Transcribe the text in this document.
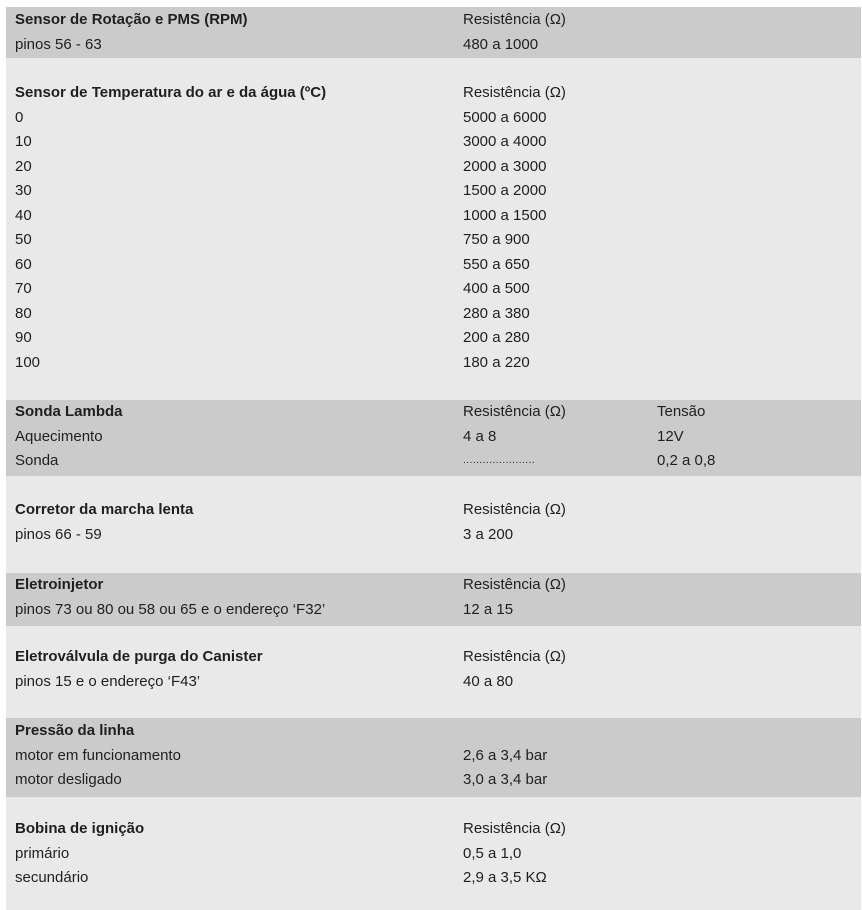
Sensor de Rotação e PMS (RPM)	Resistência (Ω)
pinos 56 - 63	480 a 1000
Sensor de Temperatura do ar e da água (ºC)	Resistência (Ω)
0	5000 a 6000
10	3000 a 4000
20	2000 a 3000
30	1500 a 2000
40	1000 a 1500
50	750 a 900
60	550 a 650
70	400 a 500
80	280 a 380
90	200 a 280
100	180 a 220
Sonda Lambda	Resistência (Ω)	Tensão
Aquecimento	4 a 8	12V
Sonda	......................	0,2 a 0,8
Corretor da marcha lenta	Resistência (Ω)
pinos 66 - 59	3 a 200
Eletroinjetor	Resistência (Ω)
pinos 73 ou 80 ou 58 ou 65 e o endereço ‘F32’	12 a 15
Eletroválvula de purga do Canister	Resistência (Ω)
pinos 15 e o endereço ‘F43’	40 a 80
Pressão da linha
motor em funcionamento	2,6 a 3,4 bar
motor desligado	3,0 a 3,4 bar
Bobina de ignição	Resistência (Ω)
primário	0,5 a 1,0
secundário	2,9 a 3,5 KΩ
